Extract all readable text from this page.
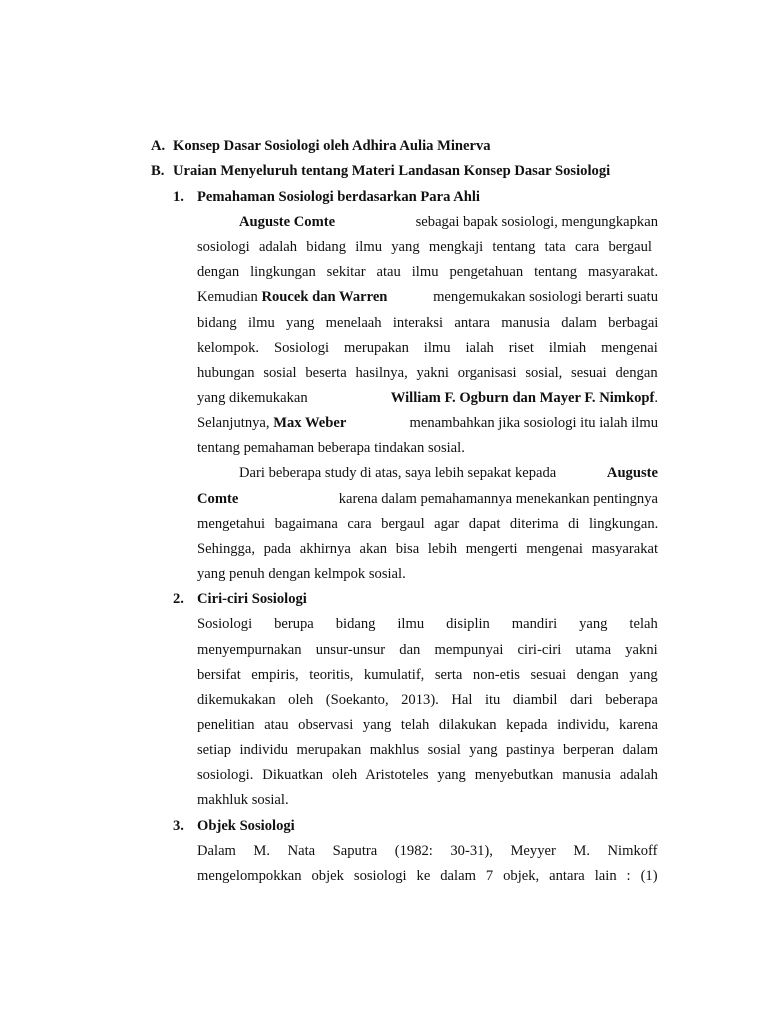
A. Konsep Dasar Sosiologi oleh Adhira Aulia Minerva
B. Uraian Menyeluruh tentang Materi Landasan Konsep Dasar Sosiologi
1. Pemahaman Sosiologi berdasarkan Para Ahli
Auguste Comte	sebagai bapak sosiologi, mengungkapkan
sosiologi adalah bidang ilmu yang mengkaji tentang tata cara bergaul
dengan lingkungan sekitar atau ilmu pengetahuan tentang masyarakat.
Kemudian Roucek dan Warren	mengemukakan sosiologi berarti suatu
bidang ilmu yang menelaah interaksi antara manusia dalam berbagai
kelompok. Sosiologi merupakan ilmu ialah riset ilmiah mengenai
hubungan sosial beserta hasilnya, yakni organisasi sosial, sesuai dengan
yang dikemukakan	William F. Ogburn dan Mayer F. Nimkopf.
Selanjutnya, Max Weber	menambahkan jika sosiologi itu ialah ilmu
tentang pemahaman beberapa tindakan sosial.
Dari beberapa study di atas, saya lebih sepakat kepada	Auguste
Comte	karena dalam pemahamannya menekankan pentingnya
mengetahui bagaimana cara bergaul agar dapat diterima di lingkungan.
Sehingga, pada akhirnya akan bisa lebih mengerti mengenai masyarakat
yang penuh dengan kelmpok sosial.
2. Ciri-ciri Sosiologi
Sosiologi berupa bidang ilmu disiplin mandiri yang telah
menyempurnakan unsur-unsur dan mempunyai ciri-ciri utama yakni
bersifat empiris, teoritis, kumulatif, serta non-etis sesuai dengan yang
dikemukakan oleh (Soekanto, 2013). Hal itu diambil dari beberapa
penelitian atau observasi yang telah dilakukan kepada individu, karena
setiap individu merupakan makhlus sosial yang pastinya berperan dalam
sosiologi. Dikuatkan oleh Aristoteles yang menyebutkan manusia adalah
makhluk sosial.
3. Objek Sosiologi
Dalam M. Nata Saputra (1982: 30-31), Meyyer M. Nimkoff
mengelompokkan objek sosiologi ke dalam 7 objek, antara lain : (1)
